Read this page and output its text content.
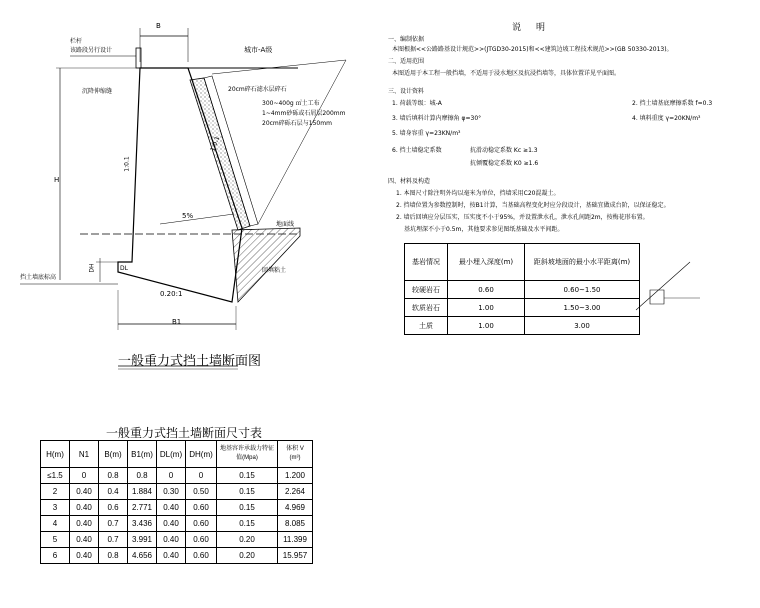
B
栏杆
该路段另行设计	城市-A级
沉降伸缩缝	20cm碎石滤水层碎石
300~400g ㎡土工布
1~4mm砂砾或石屑层200mm
20cm碎砾石层与150mm
H
1:0.1
1:0.1
5%
地面线
回填粘土
DH	DL
挡土墙底标高
0.20:1
B1
一般重力式挡土墙断面图
说　明
一、编制依据
本图根据<<公路路基设计规范>>(JTGD30-2015)和<<建筑边坡工程技术规范>>(GB 50330-2013)。
二、适用范围
本图适用于本工程一般挡墙，不适用于浸水地区及抗浸挡墙等，具体位置详见平面图。
三、设计资料
1. 荷载等级：城-A
3. 墙后填料计算内摩擦角 φ=30°
5. 墙身容重 γ=23KN/m³
6. 挡土墙稳定系数	抗滑动稳定系数 Kc ≥1.3
抗倾覆稳定系数 K0 ≥1.6
2. 挡土墙基底摩擦系数 f=0.3
4. 填料重度 γ=20KN/m³
四、材料及构造
1. 本图尺寸除注明外均以毫米为单位，挡墙采用C20混凝土。
2. 挡墙位置为参数控制时，按B1计算，当基础高程变化时应分段设计，基础宜做成台阶，以保证稳定。
2. 墙后回填应分层压实，压实度不小于95%，并设置泄水孔，泄水孔间距2m，按梅花形布置。
基坑埋深不小于0.5m，其他要求参见图纸基础及水平间距。
基岩情况	最小埋入深度(m)	距斜坡地面的最小水平距离(m)
较硬岩石	0.60	0.60~1.50
软质岩石	1.00	1.50~3.00
土质	1.00	3.00
一般重力式挡土墙断面尺寸表
H(m)	N1	B(m)	B1(m)	DL(m)	DH(m)	地基容许承载力特征值(Mpa)	体积 V (m³)
≤1.5	0	0.8	0.8	0	0	0.15	1.200
2	0.40	0.4	1.884	0.30	0.50	0.15	2.264
3	0.40	0.6	2.771	0.40	0.60	0.15	4.969
4	0.40	0.7	3.436	0.40	0.60	0.15	8.085
5	0.40	0.7	3.991	0.40	0.60	0.20	11.399
6	0.40	0.8	4.656	0.40	0.60	0.20	15.957
